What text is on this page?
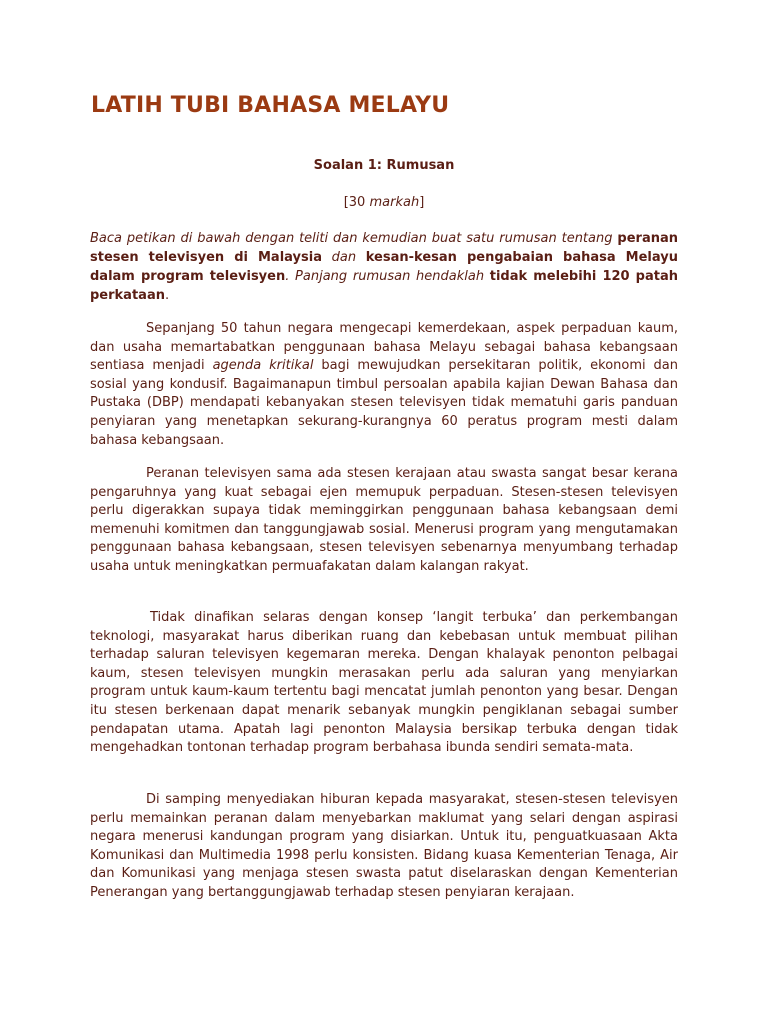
LATIH TUBI BAHASA MELAYU
Soalan 1: Rumusan
[30 markah]

Baca petikan di bawah dengan teliti dan kemudian buat satu rumusan tentang peranan stesen televisyen di Malaysia dan kesan-kesan pengabaian bahasa Melayu dalam program televisyen. Panjang rumusan hendaklah tidak melebihi 120 patah perkataan.

Sepanjang 50 tahun negara mengecapi kemerdekaan, aspek perpaduan kaum, dan usaha memartabatkan penggunaan bahasa Melayu sebagai bahasa kebangsaan sentiasa menjadi agenda kritikal bagi mewujudkan persekitaran politik, ekonomi dan sosial yang kondusif. Bagaimanapun timbul persoalan apabila kajian Dewan Bahasa dan Pustaka (DBP) mendapati kebanyakan stesen televisyen tidak mematuhi garis panduan penyiaran yang menetapkan sekurang-kurangnya 60 peratus program mesti dalam bahasa kebangsaan.

Peranan televisyen sama ada stesen kerajaan atau swasta sangat besar kerana pengaruhnya yang kuat sebagai ejen memupuk perpaduan. Stesen-stesen televisyen perlu digerakkan supaya tidak meminggirkan penggunaan bahasa kebangsaan demi memenuhi komitmen dan tanggungjawab sosial. Menerusi program yang mengutamakan penggunaan bahasa kebangsaan, stesen televisyen sebenarnya menyumbang terhadap usaha untuk meningkatkan permuafakatan dalam kalangan rakyat.

Tidak dinafikan selaras dengan konsep ‘langit terbuka’ dan perkembangan teknologi, masyarakat harus diberikan ruang dan kebebasan untuk membuat pilihan terhadap saluran televisyen kegemaran mereka. Dengan khalayak penonton pelbagai kaum, stesen televisyen mungkin merasakan perlu ada saluran yang menyiarkan program untuk kaum-kaum tertentu bagi mencatat jumlah penonton yang besar. Dengan itu stesen berkenaan dapat menarik sebanyak mungkin pengiklanan sebagai sumber pendapatan utama. Apatah lagi penonton Malaysia bersikap terbuka dengan tidak mengehadkan tontonan terhadap program berbahasa ibunda sendiri semata-mata.

Di samping menyediakan hiburan kepada masyarakat, stesen-stesen televisyen perlu memainkan peranan dalam menyebarkan maklumat yang selari dengan aspirasi negara menerusi kandungan program yang disiarkan. Untuk itu, penguatkuasaan Akta Komunikasi dan Multimedia 1998 perlu konsisten. Bidang kuasa Kementerian Tenaga, Air dan Komunikasi yang menjaga stesen swasta patut diselaraskan dengan Kementerian Penerangan yang bertanggungjawab terhadap stesen penyiaran kerajaan.
